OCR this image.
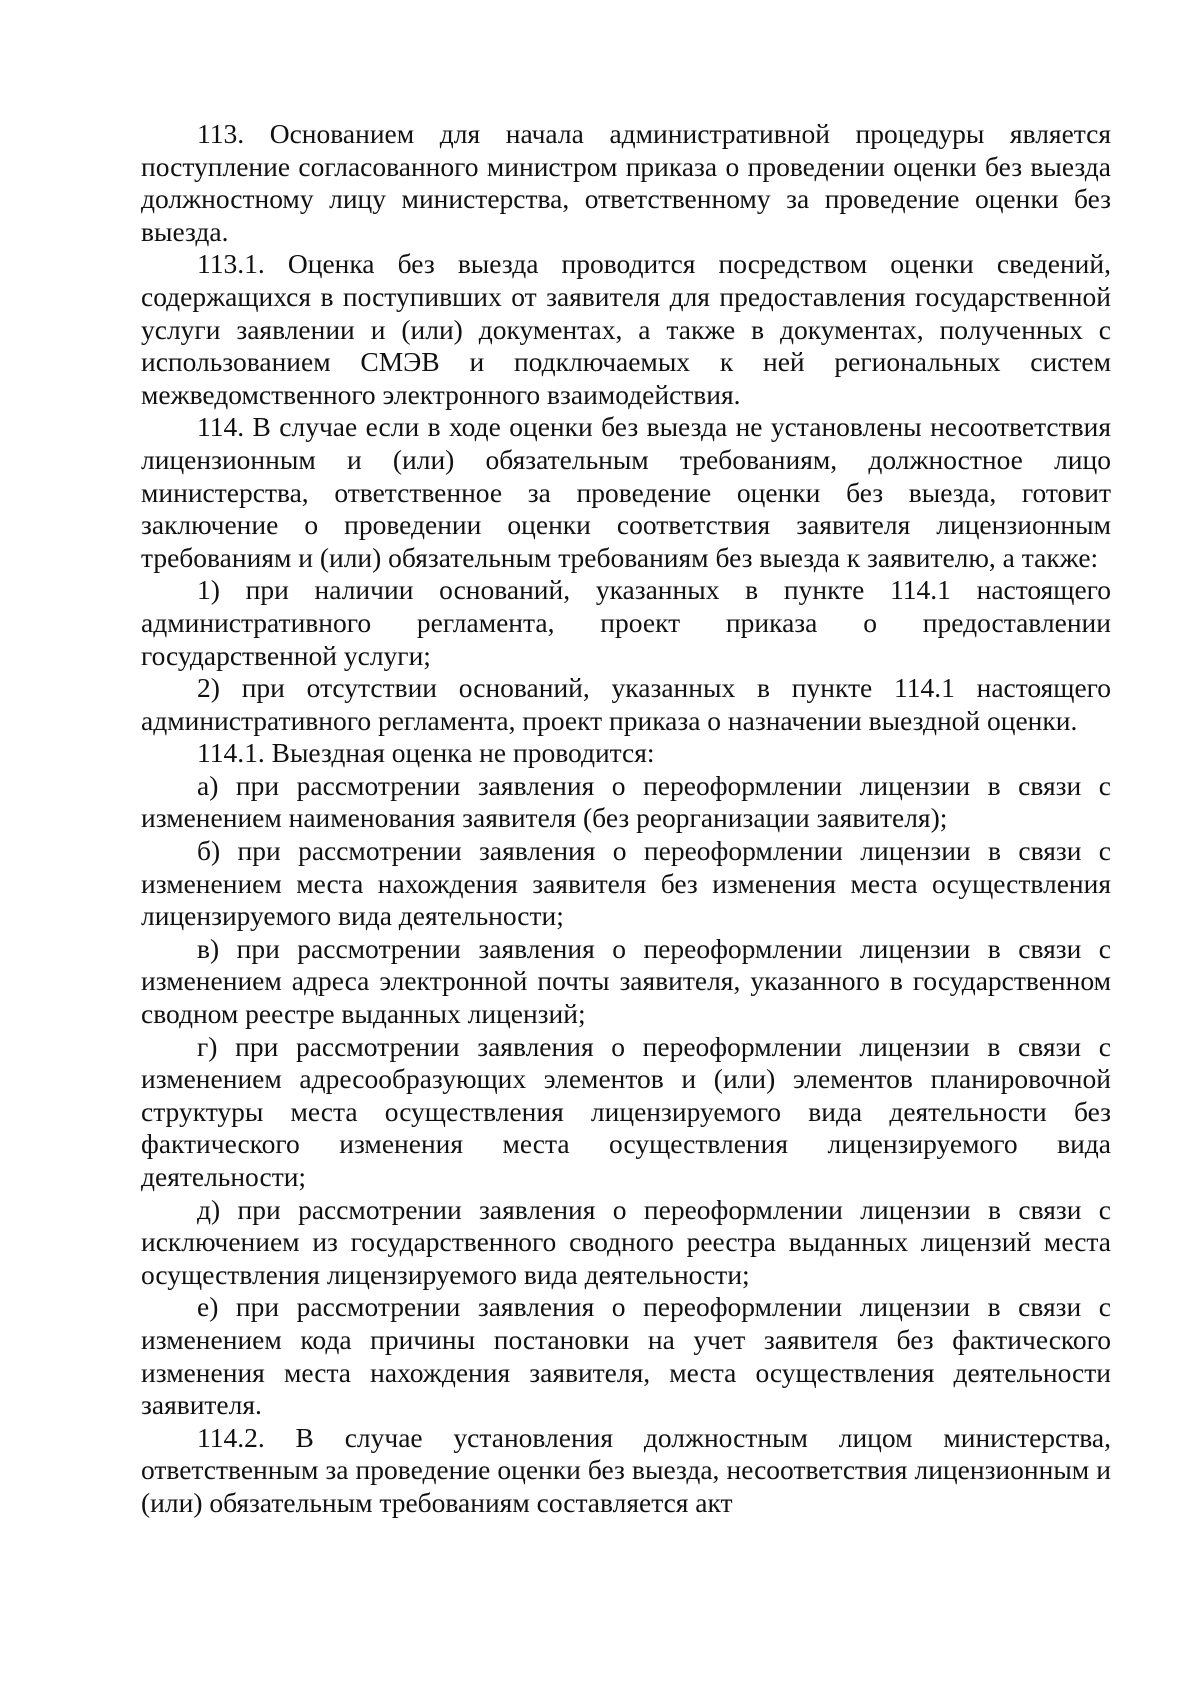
113. Основанием для начала административной процедуры является поступление согласованного министром приказа о проведении оценки без выезда должностному лицу министерства, ответственному за проведение оценки без выезда.

113.1. Оценка без выезда проводится посредством оценки сведений, содержащихся в поступивших от заявителя для предоставления государственной услуги заявлении и (или) документах, а также в документах, полученных с использованием СМЭВ и подключаемых к ней региональных систем межведомственного электронного взаимодействия.

114. В случае если в ходе оценки без выезда не установлены несоответствия лицензионным и (или) обязательным требованиям, должностное лицо министерства, ответственное за проведение оценки без выезда, готовит заключение о проведении оценки соответствия заявителя лицензионным требованиям и (или) обязательным требованиям без выезда к заявителю, а также:

1) при наличии оснований, указанных в пункте 114.1 настоящего административного регламента, проект приказа о предоставлении государственной услуги;

2) при отсутствии оснований, указанных в пункте 114.1 настоящего административного регламента, проект приказа о назначении выездной оценки.

114.1. Выездная оценка не проводится:

а) при рассмотрении заявления о переоформлении лицензии в связи с изменением наименования заявителя (без реорганизации заявителя);

б) при рассмотрении заявления о переоформлении лицензии в связи с изменением места нахождения заявителя без изменения места осуществления лицензируемого вида деятельности;

в) при рассмотрении заявления о переоформлении лицензии в связи с изменением адреса электронной почты заявителя, указанного в государственном сводном реестре выданных лицензий;

г) при рассмотрении заявления о переоформлении лицензии в связи с изменением адресообразующих элементов и (или) элементов планировочной структуры места осуществления лицензируемого вида деятельности без фактического изменения места осуществления лицензируемого вида деятельности;

д) при рассмотрении заявления о переоформлении лицензии в связи с исключением из государственного сводного реестра выданных лицензий места осуществления лицензируемого вида деятельности;

е) при рассмотрении заявления о переоформлении лицензии в связи с изменением кода причины постановки на учет заявителя без фактического изменения места нахождения заявителя, места осуществления деятельности заявителя.

114.2. В случае установления должностным лицом министерства, ответственным за проведение оценки без выезда, несоответствия лицензионным и (или) обязательным требованиям составляется акт
